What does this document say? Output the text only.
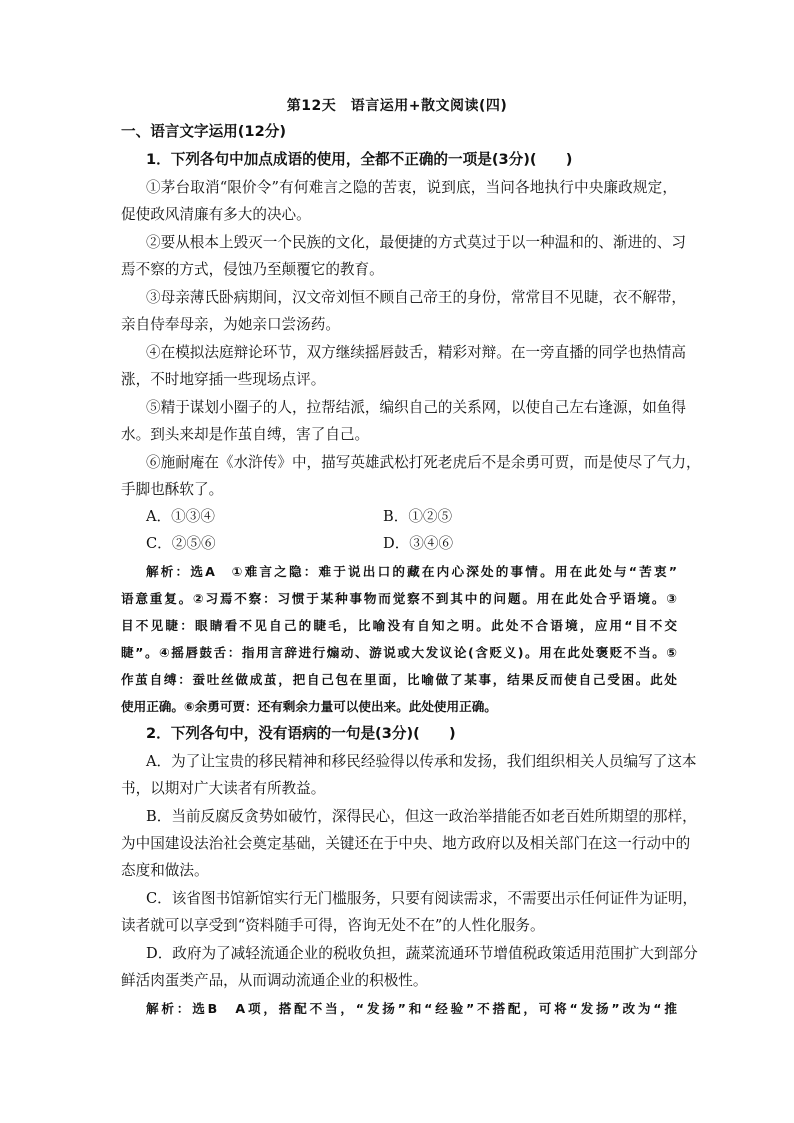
第12天　语言运用+散文阅读(四)
一、语言文字运用(12分)
1．下列各句中加点成语的使用，全都不正确的一项是(3分)(　　)
①茅台取消“限价令”有何难言之隐的苦衷，说到底，当问各地执行中央廉政规定，
促使政风清廉有多大的决心。
②要从根本上毁灭一个民族的文化，最便捷的方式莫过于以一种温和的、渐进的、习
焉不察的方式，侵蚀乃至颠覆它的教育。
③母亲薄氏卧病期间，汉文帝刘恒不顾自己帝王的身份，常常目不见睫，衣不解带，
亲自侍奉母亲，为她亲口尝汤药。
④在模拟法庭辩论环节，双方继续摇唇鼓舌，精彩对辩。在一旁直播的同学也热情高
涨，不时地穿插一些现场点评。
⑤精于谋划小圈子的人，拉帮结派，编织自己的关系网，以使自己左右逢源，如鱼得
水。到头来却是作茧自缚，害了自己。
⑥施耐庵在《水浒传》中，描写英雄武松打死老虎后不是余勇可贾，而是使尽了气力，
手脚也酥软了。
A．①③④	B．①②⑤
C．②⑤⑥	D．③④⑥
解析：选A　①难言之隐：难于说出口的藏在内心深处的事情。用在此处与“苦衷”
语意重复。②习焉不察：习惯于某种事物而觉察不到其中的问题。用在此处合乎语境。③
目不见睫：眼睛看不见自己的睫毛，比喻没有自知之明。此处不合语境，应用“目不交
睫”。④摇唇鼓舌：指用言辞进行煽动、游说或大发议论(含贬义)。用在此处褒贬不当。⑤
作茧自缚：蚕吐丝做成茧，把自己包在里面，比喻做了某事，结果反而使自己受困。此处
使用正确。⑥余勇可贾：还有剩余力量可以使出来。此处使用正确。
2．下列各句中，没有语病的一句是(3分)(　　)
A．为了让宝贵的移民精神和移民经验得以传承和发扬，我们组织相关人员编写了这本
书，以期对广大读者有所教益。
B．当前反腐反贪势如破竹，深得民心，但这一政治举措能否如老百姓所期望的那样，
为中国建设法治社会奠定基础，关键还在于中央、地方政府以及相关部门在这一行动中的
态度和做法。
C．该省图书馆新馆实行无门槛服务，只要有阅读需求，不需要出示任何证件为证明，
读者就可以享受到“资料随手可得，咨询无处不在”的人性化服务。
D．政府为了减轻流通企业的税收负担，蔬菜流通环节增值税政策适用范围扩大到部分
鲜活肉蛋类产品，从而调动流通企业的积极性。
解析：选B　A项，搭配不当，“发扬”和“经验”不搭配，可将“发扬”改为“推
